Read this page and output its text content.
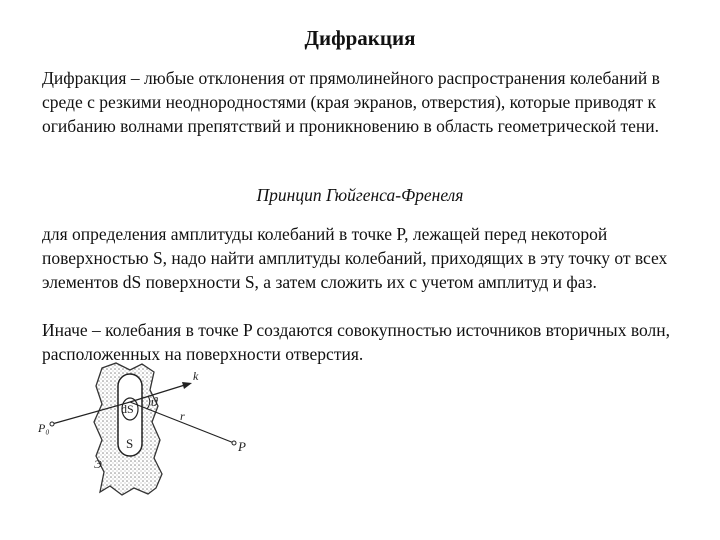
Дифракция

Дифракция – любые отклонения от прямолинейного распространения колебаний в среде с резкими неоднородностями (края экранов, отверстия), которые приводят к огибанию волнами препятствий и проникновению в область геометрической тени.

Принцип Гюйгенса-Френеля

для определения амплитуды колебаний в точке P, лежащей перед некоторой поверхностью S, надо найти амплитуды колебаний, приходящих в эту точку от всех элементов dS поверхности S, а затем сложить их с учетом амплитуд и фаз.

Иначе – колебания в точке P создаются совокупностью источников вторичных волн, расположенных на поверхности отверстия.

P₀
k
ϑ
dS
S
r
P
Э
